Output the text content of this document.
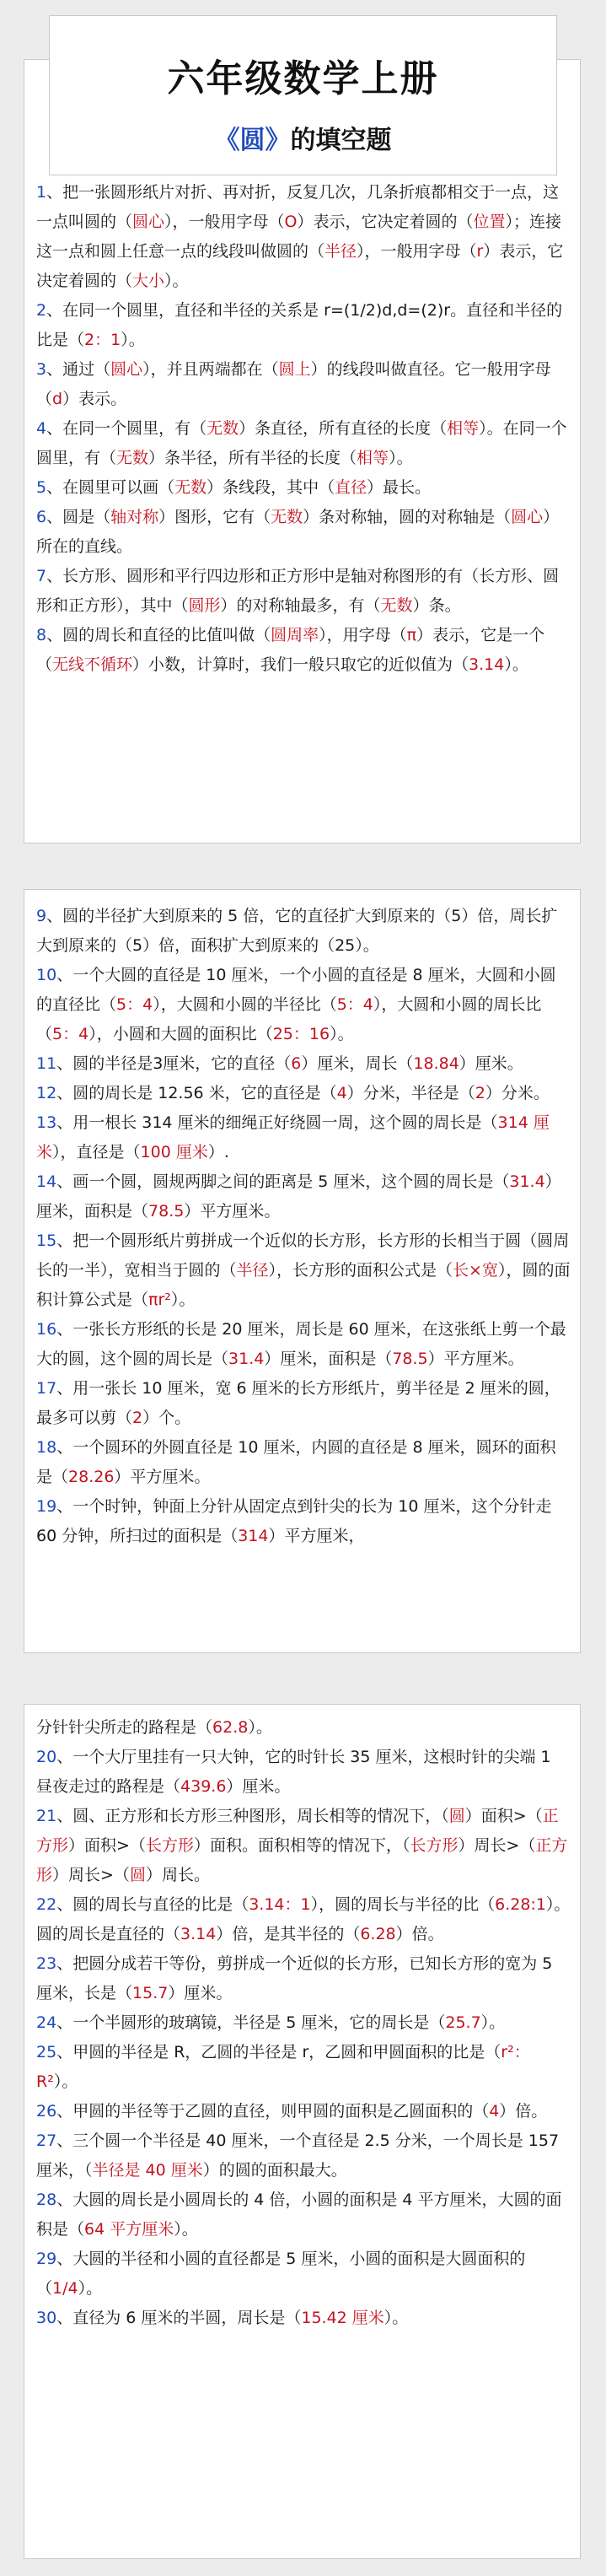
1、把一张圆形纸片对折、再对折，反复几次，几条折痕都相交于一点，这一点叫圆的（圆心），一般用字母（O）表示，它决定着圆的（位置）；连接这一点和圆上任意一点的线段叫做圆的（半径），一般用字母（r）表示，它决定着圆的（大小）。

2、在同一个圆里，直径和半径的关系是 r=(1/2)d,d=(2)r。直径和半径的比是（2：1）。

3、通过（圆心），并且两端都在（圆上）的线段叫做直径。它一般用字母（d）表示。

4、在同一个圆里，有（无数）条直径，所有直径的长度（相等）。在同一个圆里，有（无数）条半径，所有半径的长度（相等）。

5、在圆里可以画（无数）条线段，其中（直径）最长。

6、圆是（轴对称）图形，它有（无数）条对称轴，圆的对称轴是（圆心）所在的直线。

7、长方形、圆形和平行四边形和正方形中是轴对称图形的有（长方形、圆形和正方形），其中（圆形）的对称轴最多，有（无数）条。

8、圆的周长和直径的比值叫做（圆周率），用字母（π）表示，它是一个（无线不循环）小数，计算时，我们一般只取它的近似值为（3.14）。

六年级数学上册
《圆》的填空题

9、圆的半径扩大到原来的 5 倍，它的直径扩大到原来的（5）倍，周长扩大到原来的（5）倍，面积扩大到原来的（25）。

10、一个大圆的直径是 10 厘米，一个小圆的直径是 8 厘米，大圆和小圆的直径比（5：4），大圆和小圆的半径比（5：4），大圆和小圆的周长比（5：4），小圆和大圆的面积比（25：16）。

11、圆的半径是3厘米，它的直径（6）厘米，周长（18.84）厘米。

12、圆的周长是 12.56 米，它的直径是（4）分米，半径是（2）分米。

13、用一根长 314 厘米的细绳正好绕圆一周，这个圆的周长是（314 厘米），直径是（100 厘米）.

14、画一个圆，圆规两脚之间的距离是 5 厘米，这个圆的周长是（31.4）厘米，面积是（78.5）平方厘米。

15、把一个圆形纸片剪拼成一个近似的长方形，长方形的长相当于圆（圆周长的一半），宽相当于圆的（半径），长方形的面积公式是（长×宽），圆的面积计算公式是（πr²）。

16、一张长方形纸的长是 20 厘米，周长是 60 厘米，在这张纸上剪一个最大的圆，这个圆的周长是（31.4）厘米，面积是（78.5）平方厘米。

17、用一张长 10 厘米，宽 6 厘米的长方形纸片，剪半径是 2 厘米的圆，最多可以剪（2）个。

18、一个圆环的外圆直径是 10 厘米，内圆的直径是 8 厘米，圆环的面积是（28.26）平方厘米。

19、一个时钟，钟面上分针从固定点到针尖的长为 10 厘米，这个分针走 60 分钟，所扫过的面积是（314）平方厘米，

分针针尖所走的路程是（62.8）。

20、一个大厅里挂有一只大钟，它的时针长 35 厘米，这根时针的尖端 1 昼夜走过的路程是（439.6）厘米。

21、圆、正方形和长方形三种图形，周长相等的情况下，（圆）面积>（正方形）面积>（长方形）面积。面积相等的情况下，（长方形）周长>（正方形）周长>（圆）周长。

22、圆的周长与直径的比是（3.14：1），圆的周长与半径的比（6.28:1）。圆的周长是直径的（3.14）倍，是其半径的（6.28）倍。

23、把圆分成若干等份，剪拼成一个近似的长方形，已知长方形的宽为 5 厘米，长是（15.7）厘米。

24、一个半圆形的玻璃镜，半径是 5 厘米，它的周长是（25.7）。

25、甲圆的半径是 R，乙圆的半径是 r，乙圆和甲圆面积的比是（r²：R²）。

26、甲圆的半径等于乙圆的直径，则甲圆的面积是乙圆面积的（4）倍。

27、三个圆一个半径是 40 厘米，一个直径是 2.5 分米，一个周长是 157 厘米，（半径是 40 厘米）的圆的面积最大。

28、大圆的周长是小圆周长的 4 倍，小圆的面积是 4 平方厘米，大圆的面积是（64 平方厘米）。

29、大圆的半径和小圆的直径都是 5 厘米，小圆的面积是大圆面积的（1/4）。

30、直径为 6 厘米的半圆，周长是（15.42 厘米）。
